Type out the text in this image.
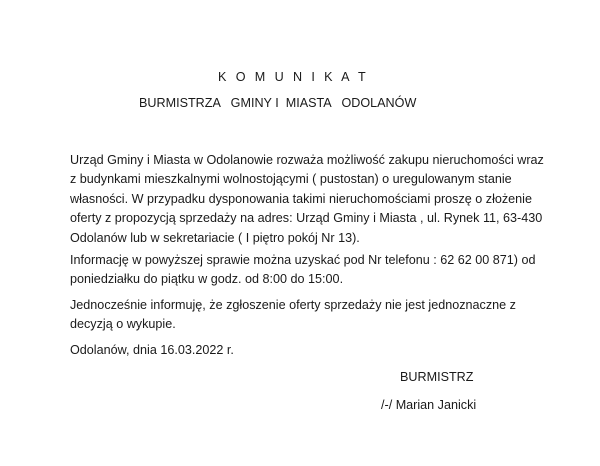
K O M U N I K A T
BURMISTRZA   GMINY I  MIASTA   ODOLANÓW
Urząd Gminy i Miasta w Odolanowie rozważa możliwość zakupu nieruchomości wraz z budynkami mieszkalnymi wolnostojącymi ( pustostan) o uregulowanym stanie własności. W przypadku dysponowania takimi nieruchomościami proszę o złożenie oferty z propozycją sprzedaży na adres: Urząd Gminy i Miasta , ul. Rynek 11, 63-430 Odolanów lub w sekretariacie ( I piętro pokój Nr 13).
Informację w powyższej sprawie można uzyskać pod Nr telefonu : 62 62 00 871) od poniedziałku do piątku w godz. od 8:00 do 15:00.
Jednocześnie informuję, że zgłoszenie oferty sprzedaży nie jest jednoznaczne z decyzją o wykupie.
Odolanów, dnia 16.03.2022 r.
BURMISTRZ
/-/ Marian Janicki
